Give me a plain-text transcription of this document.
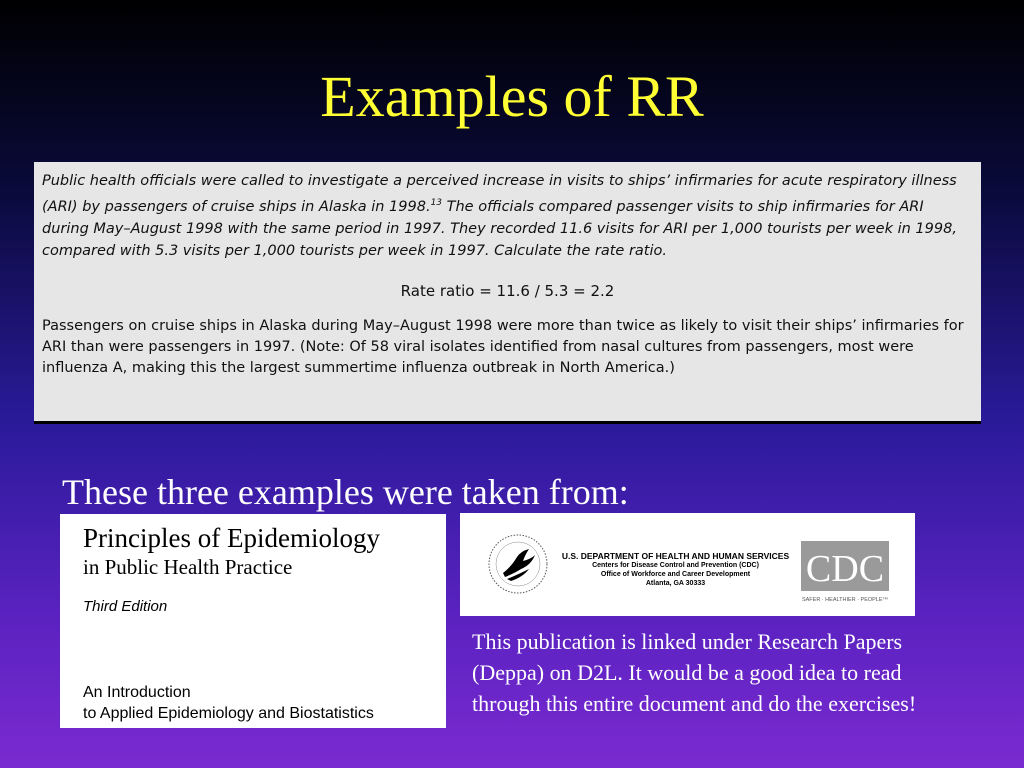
Examples of RR

Public health officials were called to investigate a perceived increase in visits to ships’ infirmaries for acute respiratory illness (ARI) by passengers of cruise ships in Alaska in 1998.13 The officials compared passenger visits to ship infirmaries for ARI during May–August 1998 with the same period in 1997. They recorded 11.6 visits for ARI per 1,000 tourists per week in 1998, compared with 5.3 visits per 1,000 tourists per week in 1997. Calculate the rate ratio.

Rate ratio = 11.6 / 5.3 = 2.2

Passengers on cruise ships in Alaska during May–August 1998 were more than twice as likely to visit their ships’ infirmaries for ARI than were passengers in 1997. (Note: Of 58 viral isolates identified from nasal cultures from passengers, most were influenza A, making this the largest summertime influenza outbreak in North America.)

These three examples were taken from:
Principles of Epidemiology
in Public Health Practice
Third Edition
An Introduction
to Applied Epidemiology and Biostatistics
U.S. DEPARTMENT OF HEALTH AND HUMAN SERVICES
Centers for Disease Control and Prevention (CDC)
Office of Workforce and Career Development
Atlanta, GA 30333	CDC
SAFER · HEALTHIER · PEOPLE™
This publication is linked under Research Papers (Deppa) on D2L. It would be a good idea to read through this entire document and do the exercises!
